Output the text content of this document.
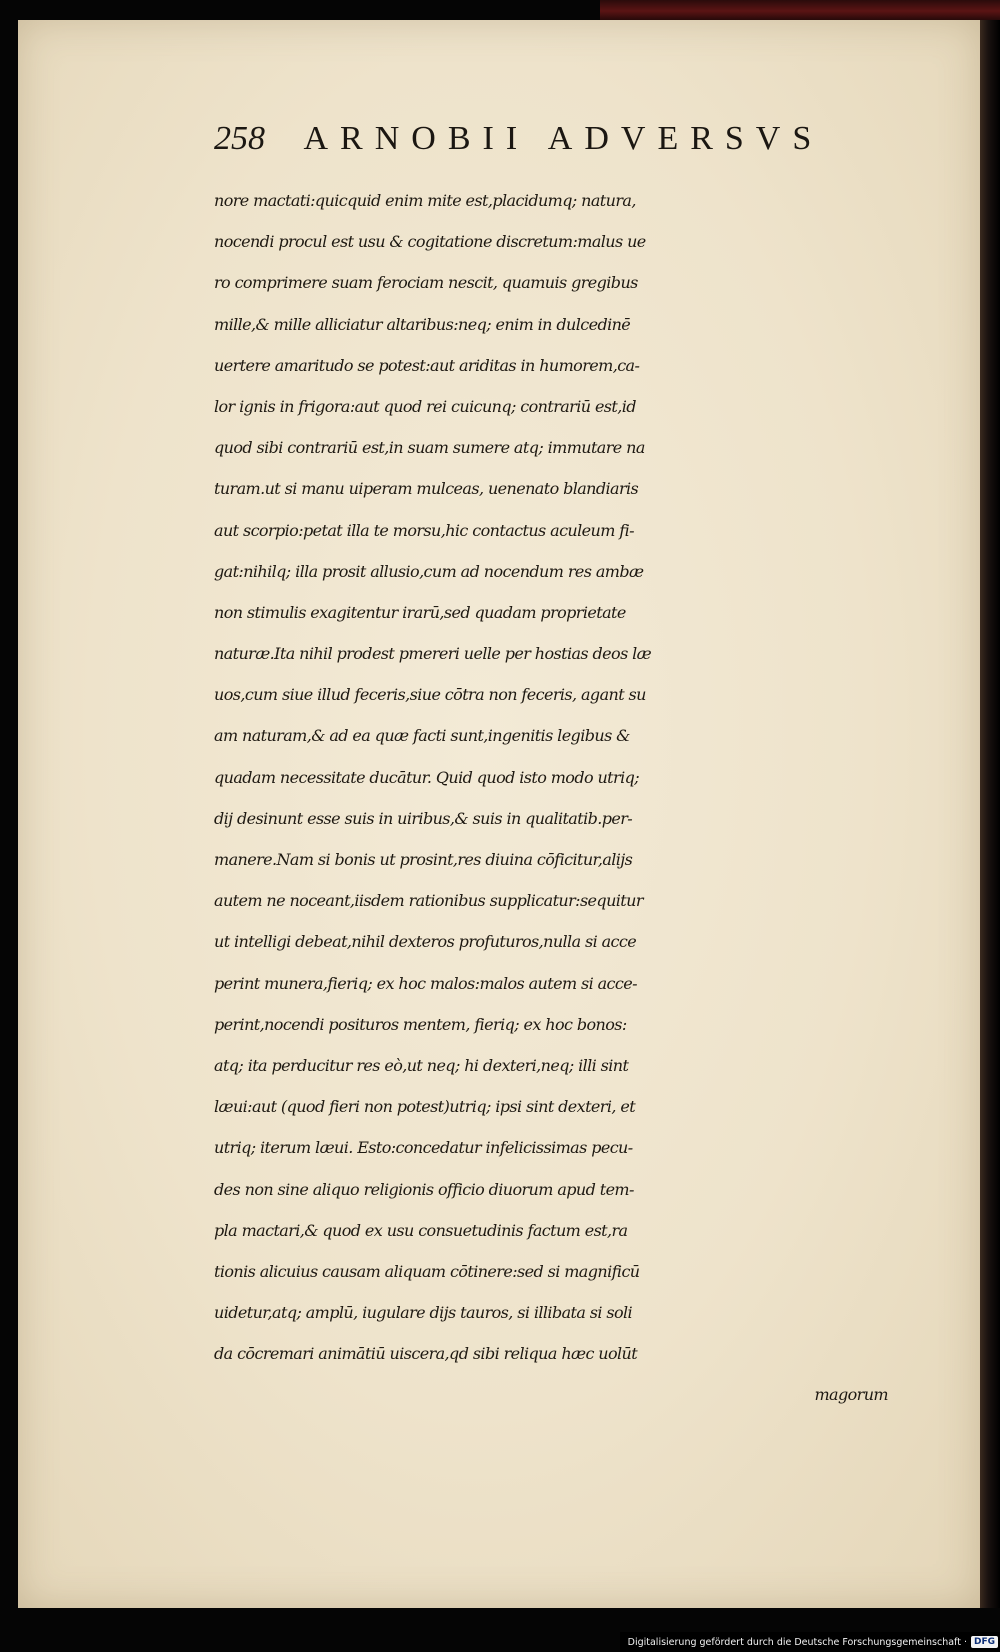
258 ARNOBII ADVERSVS
nore mactati:quicquid enim mite est,placidumq; natura,
nocendi procul est usu & cogitatione discretum:malus ue
ro comprimere suam ferociam nescit, quamuis gregibus
mille,& mille alliciatur altaribus:neq; enim in dulcedinē
uertere amaritudo se potest:aut ariditas in humorem,ca-
lor ignis in frigora:aut quod rei cuicunq; contrariū est,id
quod sibi contrariū est,in suam sumere atq; immutare na
turam.ut si manu uiperam mulceas, uenenato blandiaris
aut scorpio:petat illa te morsu,hic contactus aculeum fi-
gat:nihilq; illa prosit allusio,cum ad nocendum res ambæ
non stimulis exagitentur irarū,sed quadam proprietate
naturæ.Ita nihil prodest pmereri uelle per hostias deos læ
uos,cum siue illud feceris,siue cōtra non feceris, agant su
am naturam,& ad ea quæ facti sunt,ingenitis legibus &
quadam necessitate ducātur. Quid quod isto modo utriq;
dij desinunt esse suis in uiribus,& suis in qualitatib.per-
manere.Nam si bonis ut prosint,res diuina cōficitur,alijs
autem ne noceant,iisdem rationibus supplicatur:sequitur
ut intelligi debeat,nihil dexteros profuturos,nulla si acce
perint munera,fieriq; ex hoc malos:malos autem si acce-
perint,nocendi posituros mentem, fieriq; ex hoc bonos:
atq; ita perducitur res eò,ut neq; hi dexteri,neq; illi sint
læui:aut (quod fieri non potest)utriq; ipsi sint dexteri, et
utriq; iterum læui. Esto:concedatur infelicissimas pecu-
des non sine aliquo religionis officio diuorum apud tem-
pla mactari,& quod ex usu consuetudinis factum est,ra
tionis alicuius causam aliquam cōtinere:sed si magnificū
uidetur,atq; amplū, iugulare dijs tauros, si illibata si soli
da cōcremari animātiū uiscera,qd sibi reliqua hæc uolūt
magorum
Digitalisierung gefördert durch die Deutsche Forschungsgemeinschaft · DFG
